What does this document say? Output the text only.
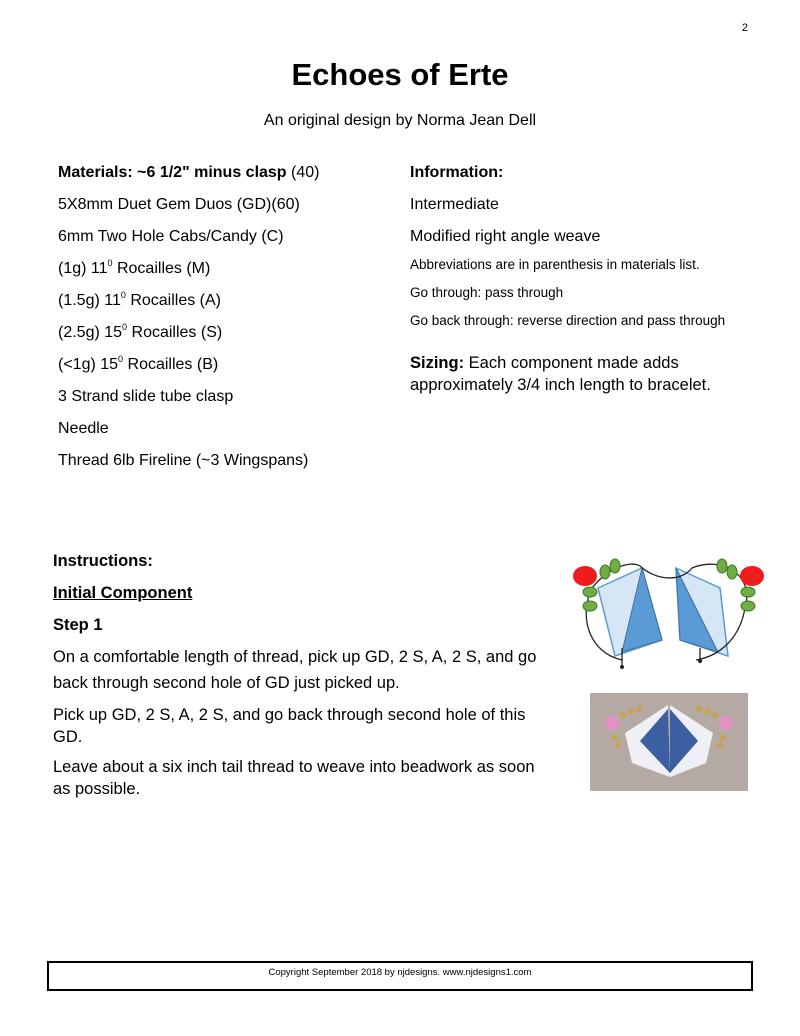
2
Echoes of Erte
An original design by Norma Jean Dell
Materials: ~6 1/2" minus clasp (40)
5X8mm Duet Gem Duos (GD)(60)
6mm Two Hole Cabs/Candy (C)
(1g) $11^0$ Rocailles (M)
(1.5g) $11^0$ Rocailles (A)
(2.5g) $15^0$ Rocailles (S)
(<1g) $15^0$ Rocailles (B)
3 Strand slide tube clasp
Needle
Thread 6lb Fireline (~3 Wingspans)
Information:
Intermediate
Modified right angle weave
Abbreviations are in parenthesis in materials list.
Go through: pass through
Go back through: reverse direction and pass through
Sizing: Each component made adds approximately 3/4 inch length to bracelet.
Instructions:
Initial Component
Step 1

On a comfortable length of thread, pick up GD, 2 S, A, 2 S, and go back through second hole of GD just picked up.

Pick up GD, 2 S, A, 2 S, and go back through second hole of this GD.

Leave about a six inch tail thread to weave into beadwork as soon as possible.

Copyright September 2018 by njdesigns. www.njdesigns1.com
